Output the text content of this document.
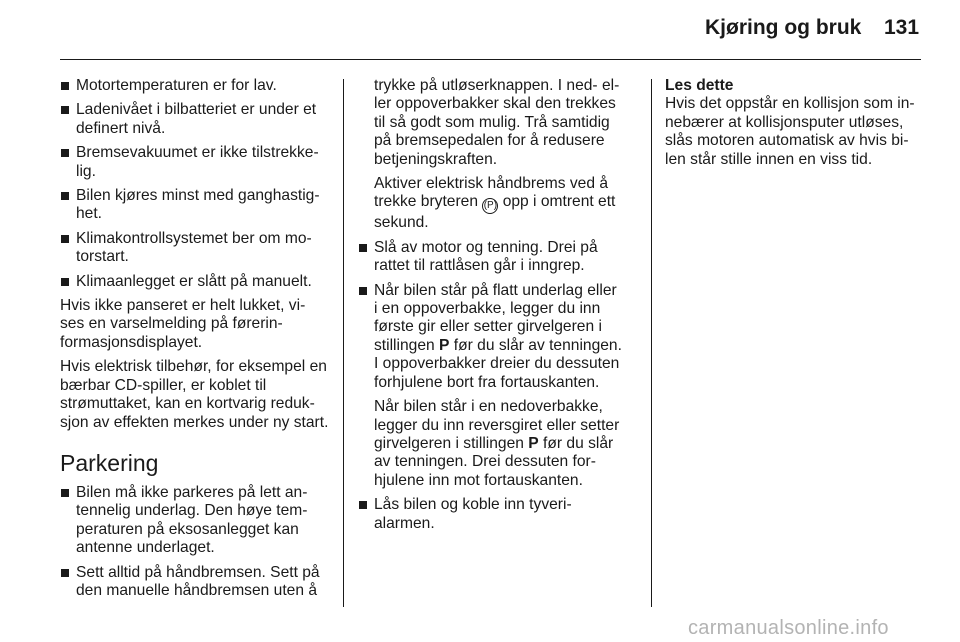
Kjøring og bruk 131
Motortemperaturen er for lav.
Ladenivået i bilbatteriet er under et definert nivå.
Bremsevakuumet er ikke tilstrekke- lig.
Bilen kjøres minst med ganghastig- het.
Klimakontrollsystemet ber om mo- torstart.
Klimaanlegget er slått på manuelt.

Hvis ikke panseret er helt lukket, vi- ses en varselmelding på førerin- formasjonsdisplayet.

Hvis elektrisk tilbehør, for eksempel en bærbar CD-spiller, er koblet til strømuttaket, kan en kortvarig reduk- sjon av effekten merkes under ny start.

Parkering
Bilen må ikke parkeres på lett an- tennelig underlag. Den høye tem- peraturen på eksosanlegget kan antenne underlaget.
Sett alltid på håndbremsen. Sett på den manuelle håndbremsen uten å

trykke på utløserknappen. I ned- el- ler oppoverbakker skal den trekkes til så godt som mulig. Trå samtidig på bremsepedalen for å redusere betjeningskraften.

Aktiver elektrisk håndbrems ved å trekke bryteren (P) opp i omtrent ett sekund.

Slå av motor og tenning. Drei på rattet til rattlåsen går i inngrep.
Når bilen står på flatt underlag eller i en oppoverbakke, legger du inn første gir eller setter girvelgeren i stillingen P før du slår av tenningen. I oppoverbakker dreier du dessuten forhjulene bort fra fortauskanten.

Når bilen står i en nedoverbakke, legger du inn reversgiret eller setter girvelgeren i stillingen P før du slår av tenningen. Drei dessuten for- hjulene inn mot fortauskanten.

Lås bilen og koble inn tyveri- alarmen.
Les dette
Hvis det oppstår en kollisjon som in- nebærer at kollisjonsputer utløses, slås motoren automatisk av hvis bi- len står stille innen en viss tid.
carmanualsonline.info
